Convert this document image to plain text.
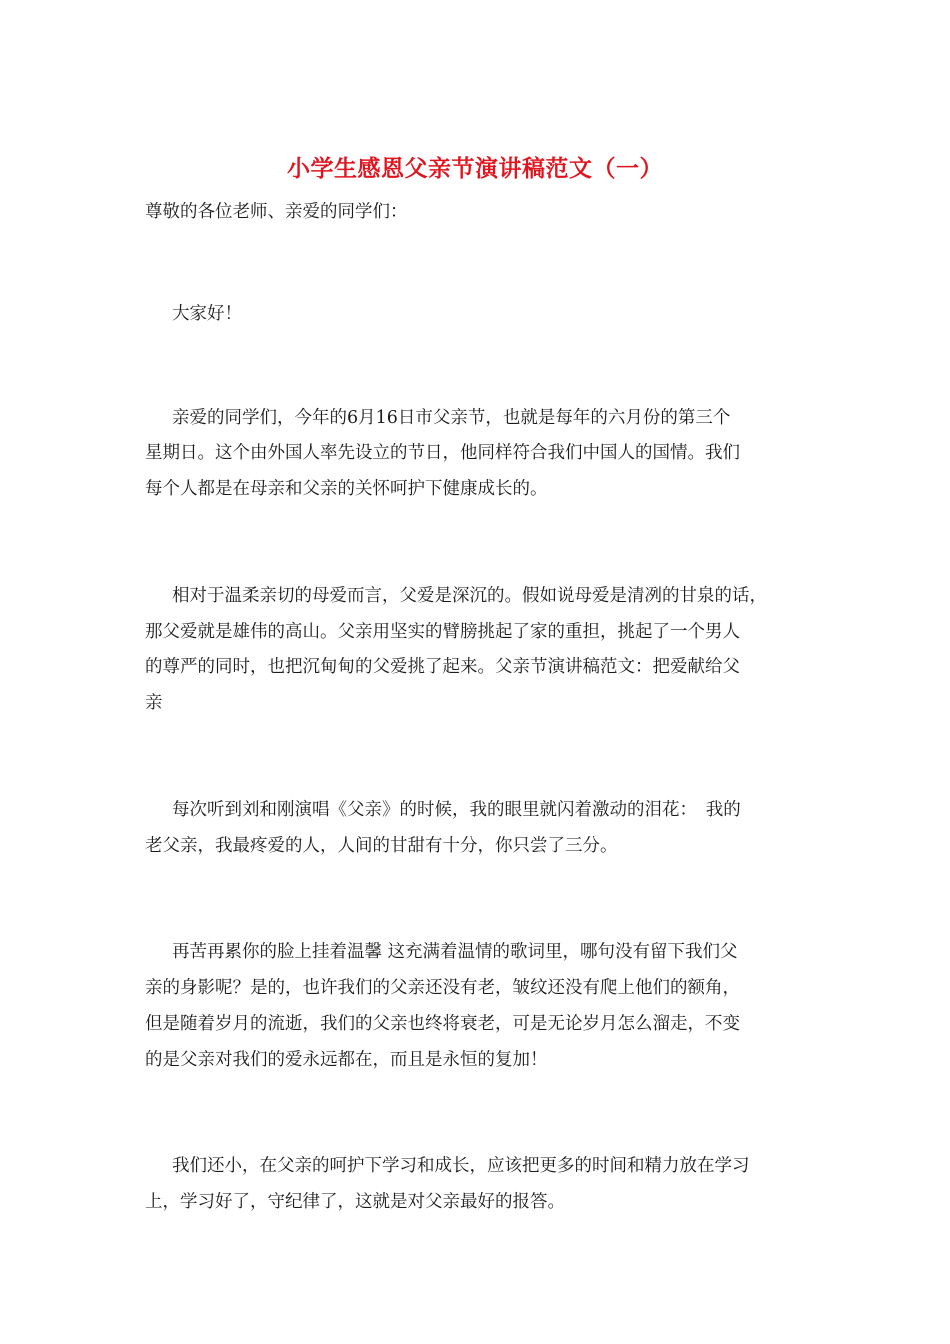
小学生感恩父亲节演讲稿范文（一）

尊敬的各位老师、亲爱的同学们：

大家好！

亲爱的同学们，今年的6月16日市父亲节，也就是每年的六月份的第三个

星期日。这个由外国人率先设立的节日，他同样符合我们中国人的国情。我们

每个人都是在母亲和父亲的关怀呵护下健康成长的。

相对于温柔亲切的母爱而言，父爱是深沉的。假如说母爱是清冽的甘泉的话，

那父爱就是雄伟的高山。父亲用坚实的臂膀挑起了家的重担，挑起了一个男人

的尊严的同时，也把沉甸甸的父爱挑了起来。父亲节演讲稿范文：把爱献给父

亲

每次听到刘和刚演唱《父亲》的时候，我的眼里就闪着激动的泪花：　我的

老父亲，我最疼爱的人，人间的甘甜有十分，你只尝了三分。

再苦再累你的脸上挂着温馨 这充满着温情的歌词里，哪句没有留下我们父

亲的身影呢？是的，也许我们的父亲还没有老，皱纹还没有爬上他们的额角，

但是随着岁月的流逝，我们的父亲也终将衰老，可是无论岁月怎么溜走，不变

的是父亲对我们的爱永远都在，而且是永恒的复加！

我们还小，在父亲的呵护下学习和成长，应该把更多的时间和精力放在学习

上，学习好了，守纪律了，这就是对父亲最好的报答。
